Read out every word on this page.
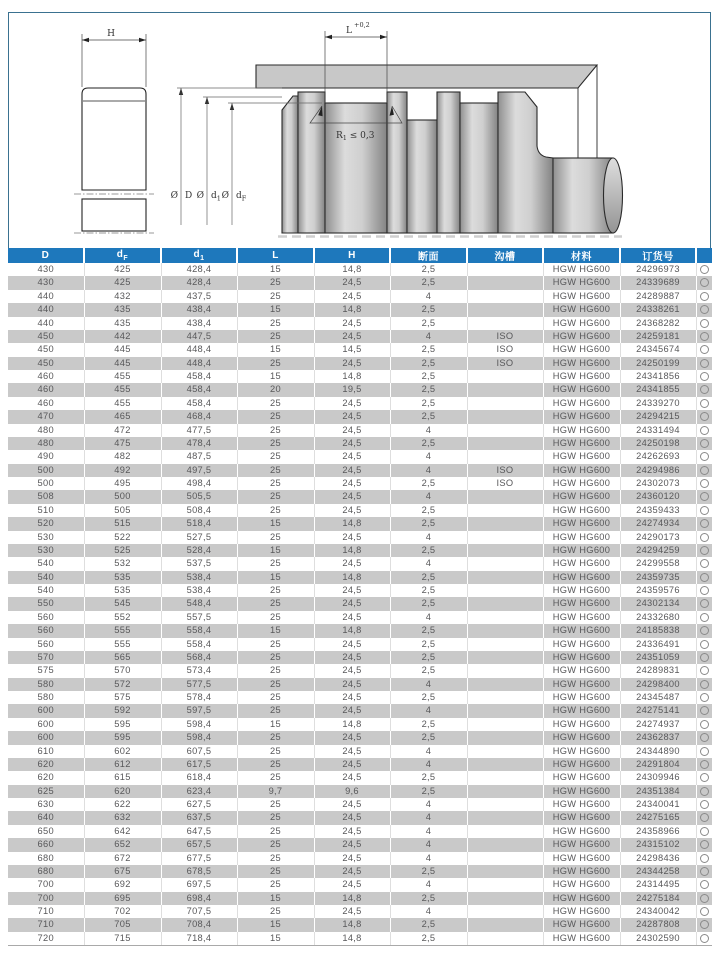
H	L
+0,2
$R_1 \le 0,3$
Ø D Ø $d_1$ Ø $d_F$
D	$d_F$	$d_1$	L	H	断面	沟槽	材料	订货号	
430	425	428,4	15	14,8	2,5		HGW HG600	24296973	
430	425	428,4	25	24,5	2,5		HGW HG600	24339689	
440	432	437,5	25	24,5	4		HGW HG600	24289887	
440	435	438,4	15	14,8	2,5		HGW HG600	24338261	
440	435	438,4	25	24,5	2,5		HGW HG600	24368282	
450	442	447,5	25	24,5	4	ISO	HGW HG600	24259181	
450	445	448,4	15	14,5	2,5	ISO	HGW HG600	24345674	
450	445	448,4	25	24,5	2,5	ISO	HGW HG600	24250199	
460	455	458,4	15	14,8	2,5		HGW HG600	24341856	
460	455	458,4	20	19,5	2,5		HGW HG600	24341855	
460	455	458,4	25	24,5	2,5		HGW HG600	24339270	
470	465	468,4	25	24,5	2,5		HGW HG600	24294215	
480	472	477,5	25	24,5	4		HGW HG600	24331494	
480	475	478,4	25	24,5	2,5		HGW HG600	24250198	
490	482	487,5	25	24,5	4		HGW HG600	24262693	
500	492	497,5	25	24,5	4	ISO	HGW HG600	24294986	
500	495	498,4	25	24,5	2,5	ISO	HGW HG600	24302073	
508	500	505,5	25	24,5	4		HGW HG600	24360120	
510	505	508,4	25	24,5	2,5		HGW HG600	24359433	
520	515	518,4	15	14,8	2,5		HGW HG600	24274934	
530	522	527,5	25	24,5	4		HGW HG600	24290173	
530	525	528,4	15	14,8	2,5		HGW HG600	24294259	
540	532	537,5	25	24,5	4		HGW HG600	24299558	
540	535	538,4	15	14,8	2,5		HGW HG600	24359735	
540	535	538,4	25	24,5	2,5		HGW HG600	24359576	
550	545	548,4	25	24,5	2,5		HGW HG600	24302134	
560	552	557,5	25	24,5	4		HGW HG600	24332680	
560	555	558,4	15	14,8	2,5		HGW HG600	24185838	
560	555	558,4	25	24,5	2,5		HGW HG600	24336491	
570	565	568,4	25	24,5	2,5		HGW HG600	24351059	
575	570	573,4	25	24,5	2,5		HGW HG600	24289831	
580	572	577,5	25	24,5	4		HGW HG600	24298400	
580	575	578,4	25	24,5	2,5		HGW HG600	24345487	
600	592	597,5	25	24,5	4		HGW HG600	24275141	
600	595	598,4	15	14,8	2,5		HGW HG600	24274937	
600	595	598,4	25	24,5	2,5		HGW HG600	24362837	
610	602	607,5	25	24,5	4		HGW HG600	24344890	
620	612	617,5	25	24,5	4		HGW HG600	24291804	
620	615	618,4	25	24,5	2,5		HGW HG600	24309946	
625	620	623,4	9,7	9,6	2,5		HGW HG600	24351384	
630	622	627,5	25	24,5	4		HGW HG600	24340041	
640	632	637,5	25	24,5	4		HGW HG600	24275165	
650	642	647,5	25	24,5	4		HGW HG600	24358966	
660	652	657,5	25	24,5	4		HGW HG600	24315102	
680	672	677,5	25	24,5	4		HGW HG600	24298436	
680	675	678,5	25	24,5	2,5		HGW HG600	24344258	
700	692	697,5	25	24,5	4		HGW HG600	24314495	
700	695	698,4	15	14,8	2,5		HGW HG600	24275184	
710	702	707,5	25	24,5	4		HGW HG600	24340042	
710	705	708,4	15	14,8	2,5		HGW HG600	24287808	
720	715	718,4	15	14,8	2,5		HGW HG600	24302590	
